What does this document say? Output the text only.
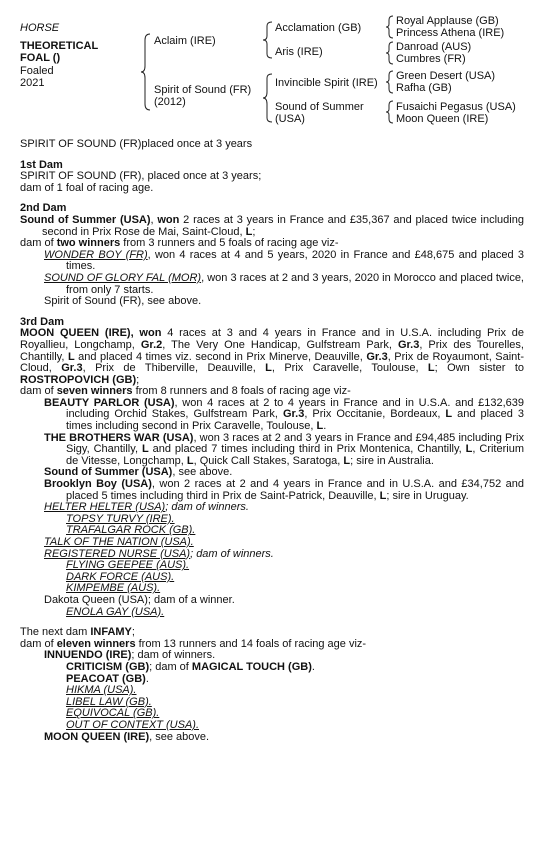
HORSE
THEORETICAL FOAL ()
Foaled
2021
Aclaim (IRE)
Spirit of Sound (FR)
(2012)
Acclamation (GB)
Aris (IRE)
Invincible Spirit (IRE)
Sound of Summer
(USA)
Royal Applause (GB)
Princess Athena (IRE)
Danroad (AUS)
Cumbres (FR)
Green Desert (USA)
Rafha (GB)
Fusaichi Pegasus (USA)
Moon Queen (IRE)

SPIRIT OF SOUND (FR)placed once at 3 years

1st Dam

SPIRIT OF SOUND (FR), placed once at 3 years;

dam of 1 foal of racing age.

2nd Dam

Sound of Summer (USA), won 2 races at 3 years in France and £35,367 and placed twice including second in Prix Rose de Mai, Saint-Cloud, L;

dam of two winners from 3 runners and 5 foals of racing age viz-

WONDER BOY (FR), won 4 races at 4 and 5 years, 2020 in France and £48,675 and placed 3 times.

SOUND OF GLORY FAL (MOR), won 3 races at 2 and 3 years, 2020 in Morocco and placed twice, from only 7 starts.

Spirit of Sound (FR), see above.

3rd Dam

MOON QUEEN (IRE), won 4 races at 3 and 4 years in France and in U.S.A. including Prix de Royallieu, Longchamp, Gr.2, The Very One Handicap, Gulfstream Park, Gr.3, Prix des Tourelles, Chantilly, L and placed 4 times viz. second in Prix Minerve, Deauville, Gr.3, Prix de Royaumont, Saint-Cloud, Gr.3, Prix de Thiberville, Deauville, L, Prix Caravelle, Toulouse, L; Own sister to ROSTROPOVICH (GB);

dam of seven winners from 8 runners and 8 foals of racing age viz-

BEAUTY PARLOR (USA), won 4 races at 2 to 4 years in France and in U.S.A. and £132,639 including Orchid Stakes, Gulfstream Park, Gr.3, Prix Occitanie, Bordeaux, L and placed 3 times including second in Prix Caravelle, Toulouse, L.

THE BROTHERS WAR (USA), won 3 races at 2 and 3 years in France and £94,485 including Prix Sigy, Chantilly, L and placed 7 times including third in Prix Montenica, Chantilly, L, Criterium de Vitesse, Longchamp, L, Quick Call Stakes, Saratoga, L; sire in Australia.

Sound of Summer (USA), see above.

Brooklyn Boy (USA), won 2 races at 2 and 4 years in France and in U.S.A. and £34,752 and placed 5 times including third in Prix de Saint-Patrick, Deauville, L; sire in Uruguay.

HELTER HELTER (USA); dam of winners.

TOPSY TURVY (IRE).

TRAFALGAR ROCK (GB).

TALK OF THE NATION (USA).

REGISTERED NURSE (USA); dam of winners.

FLYING GEEPEE (AUS).

DARK FORCE (AUS).

KIMPEMBE (AUS).

Dakota Queen (USA); dam of a winner.

ENOLA GAY (USA).

The next dam INFAMY;

dam of eleven winners from 13 runners and 14 foals of racing age viz-

INNUENDO (IRE); dam of winners.

CRITICISM (GB); dam of MAGICAL TOUCH (GB).

PEACOAT (GB).

HIKMA (USA).

LIBEL LAW (GB).

EQUIVOCAL (GB).

OUT OF CONTEXT (USA).

MOON QUEEN (IRE), see above.
